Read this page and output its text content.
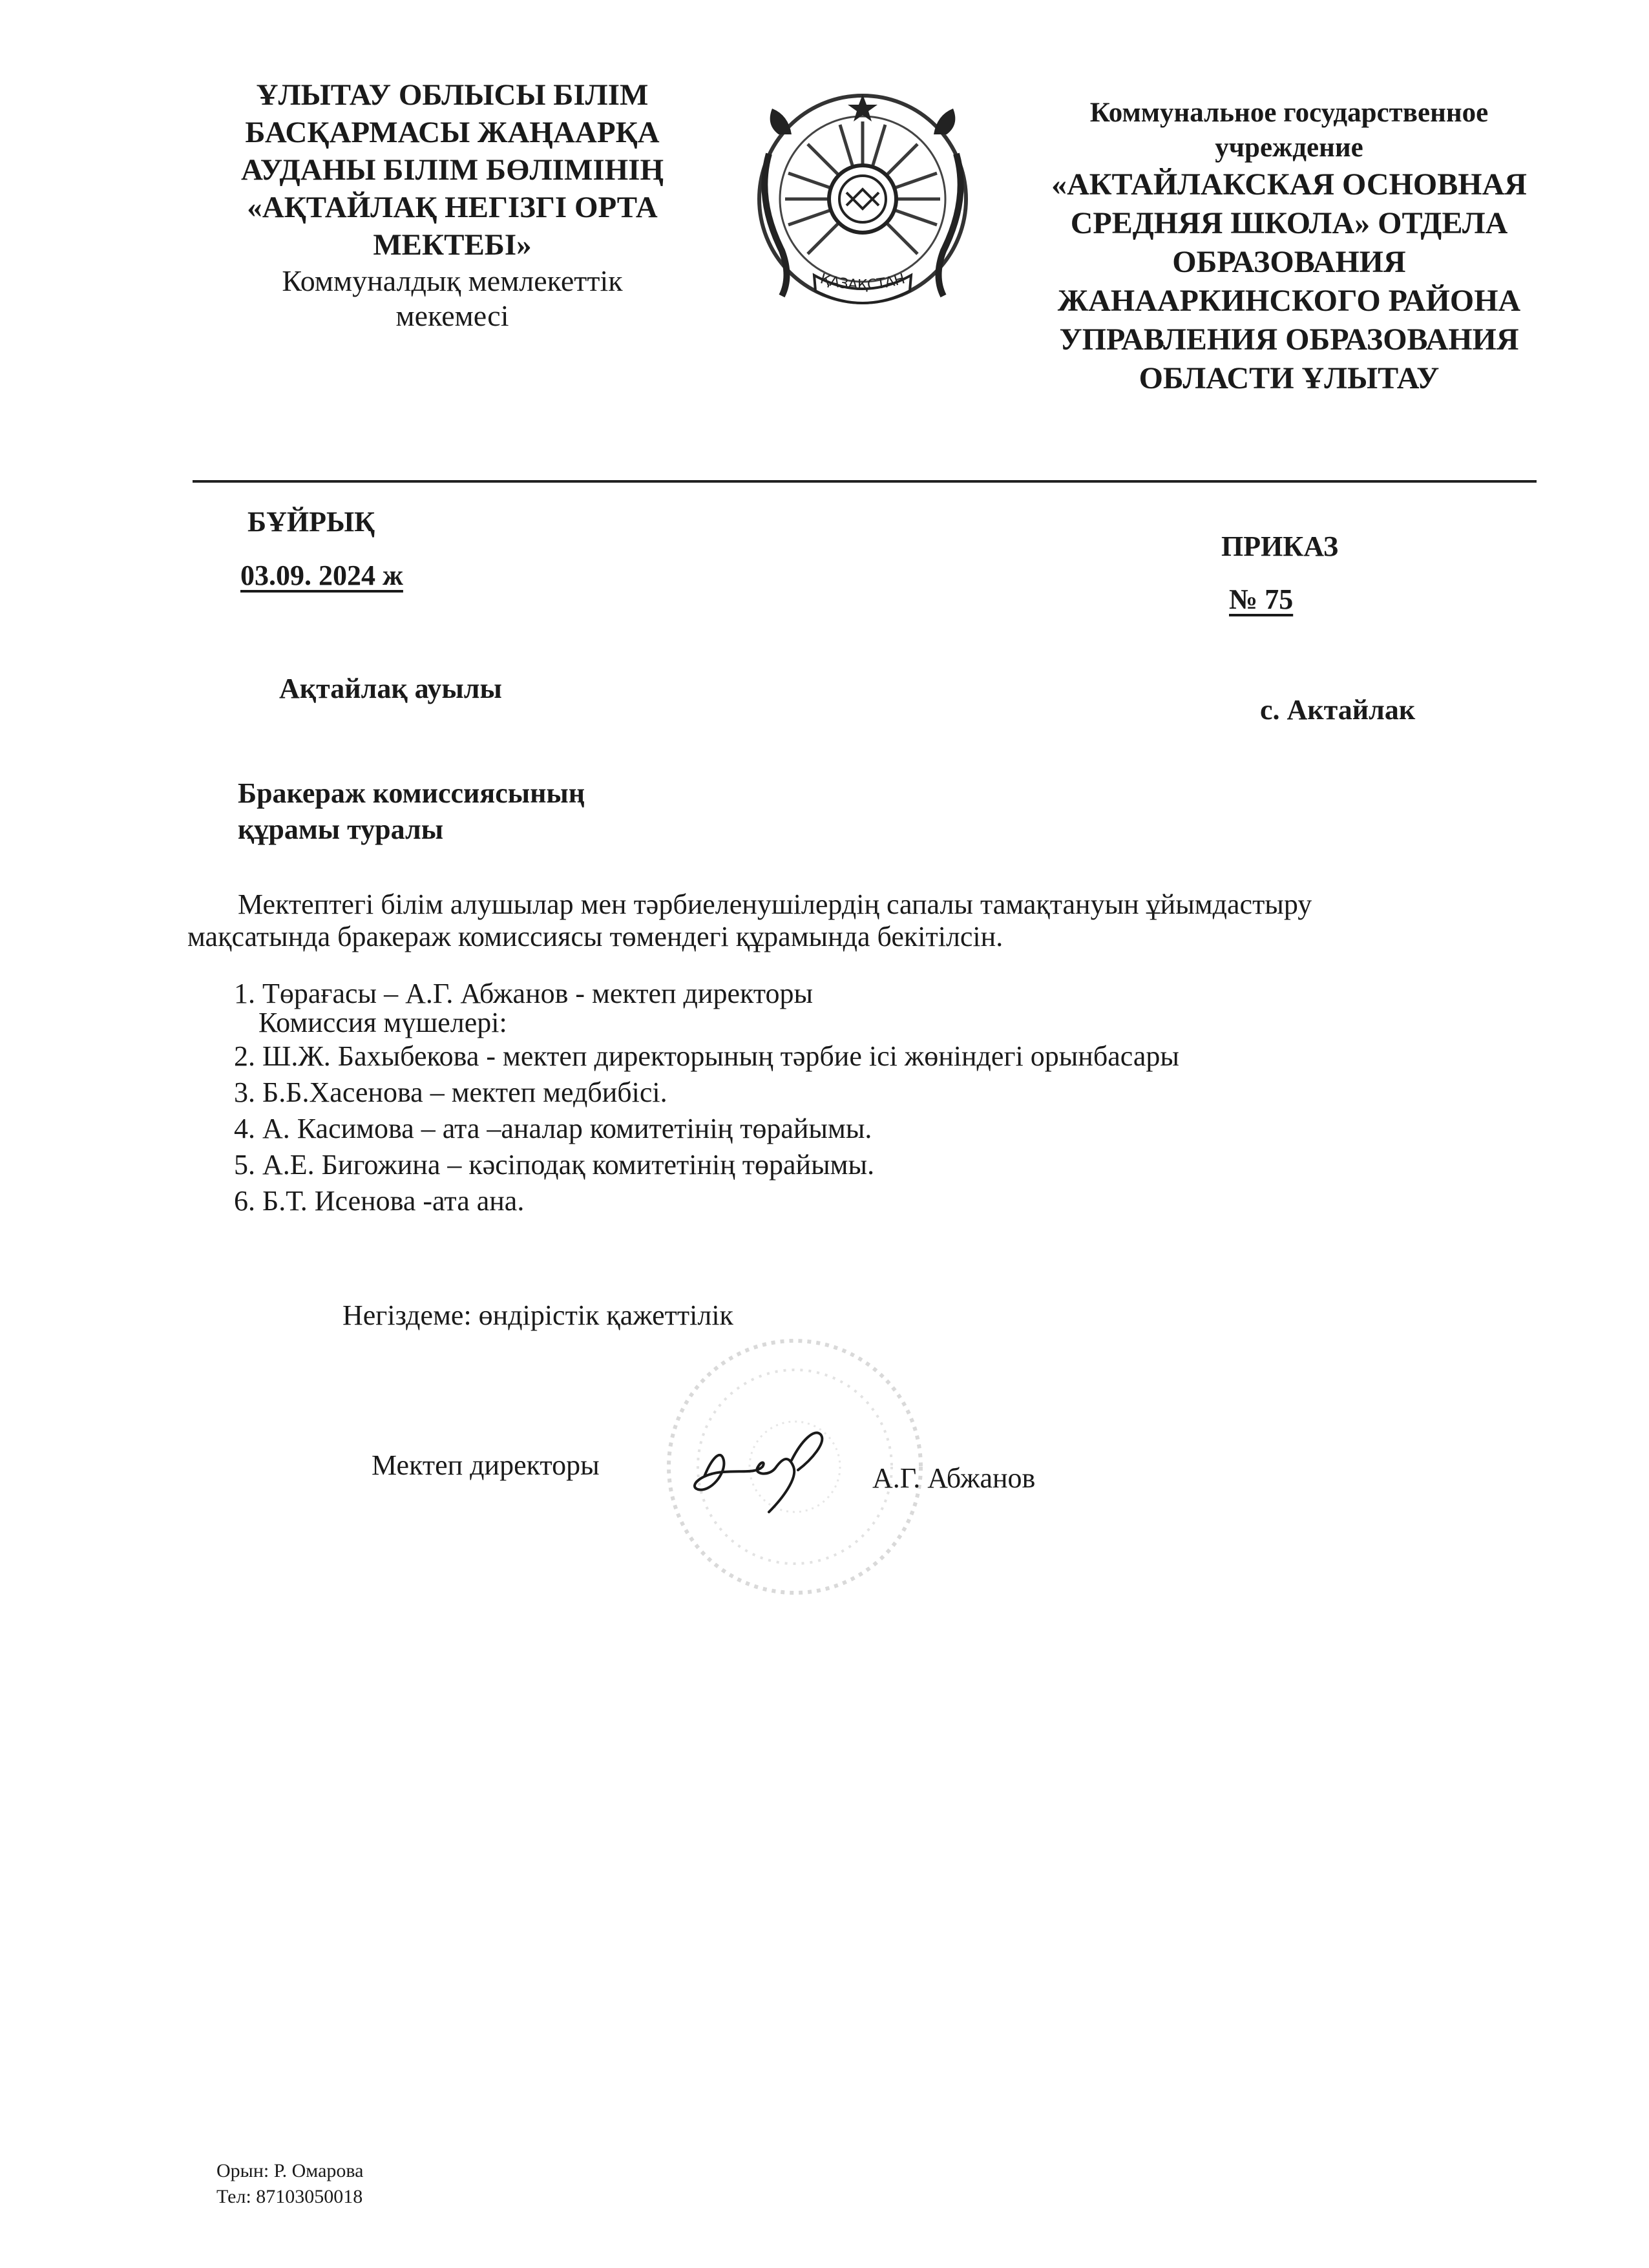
ҰЛЫТАУ ОБЛЫСЫ БІЛІМ
БАСҚАРМАСЫ ЖАҢААРҚА
АУДАНЫ БІЛІМ БӨЛІМІНІҢ
«АҚТАЙЛАҚ НЕГІЗГІ ОРТА
МЕКТЕБІ»
Коммуналдық мемлекеттік
мекемесі
ҚАЗАҚСТАН
Коммунальное государственное
учреждение
«АКТАЙЛАКСКАЯ ОСНОВНАЯ
СРЕДНЯЯ ШКОЛА» ОТДЕЛА
ОБРАЗОВАНИЯ
ЖАНААРКИНСКОГО РАЙОНА
УПРАВЛЕНИЯ ОБРАЗОВАНИЯ
ОБЛАСТИ ҰЛЫТАУ
БҰЙРЫҚ
03.09. 2024 ж
ПРИКАЗ
№ 75
Ақтайлақ ауылы
с. Актайлак
Бракераж комиссиясының
құрамы туралы
Мектептегі білім алушылар мен тәрбиеленушілердің сапалы тамақтануын ұйымдастыру
мақсатында бракераж комиссиясы төмендегі құрамында бекітілсін.
1. Төрағасы – А.Г. Абжанов - мектеп директоры
Комиссия мүшелері:
2. Ш.Ж. Бахыбекова - мектеп директорының тәрбие ісі жөніндегі орынбасары
3. Б.Б.Хасенова – мектеп медбибісі.
4. А. Касимова – ата –аналар комитетінің төрайымы.
5. А.Е. Бигожина – кәсіподақ комитетінің төрайымы.
6. Б.Т. Исенова -ата ана.
Негіздеме: өндірістік қажеттілік
Мектеп директоры	А.Г. Абжанов
Орын: Р. Омарова
Тел: 87103050018
